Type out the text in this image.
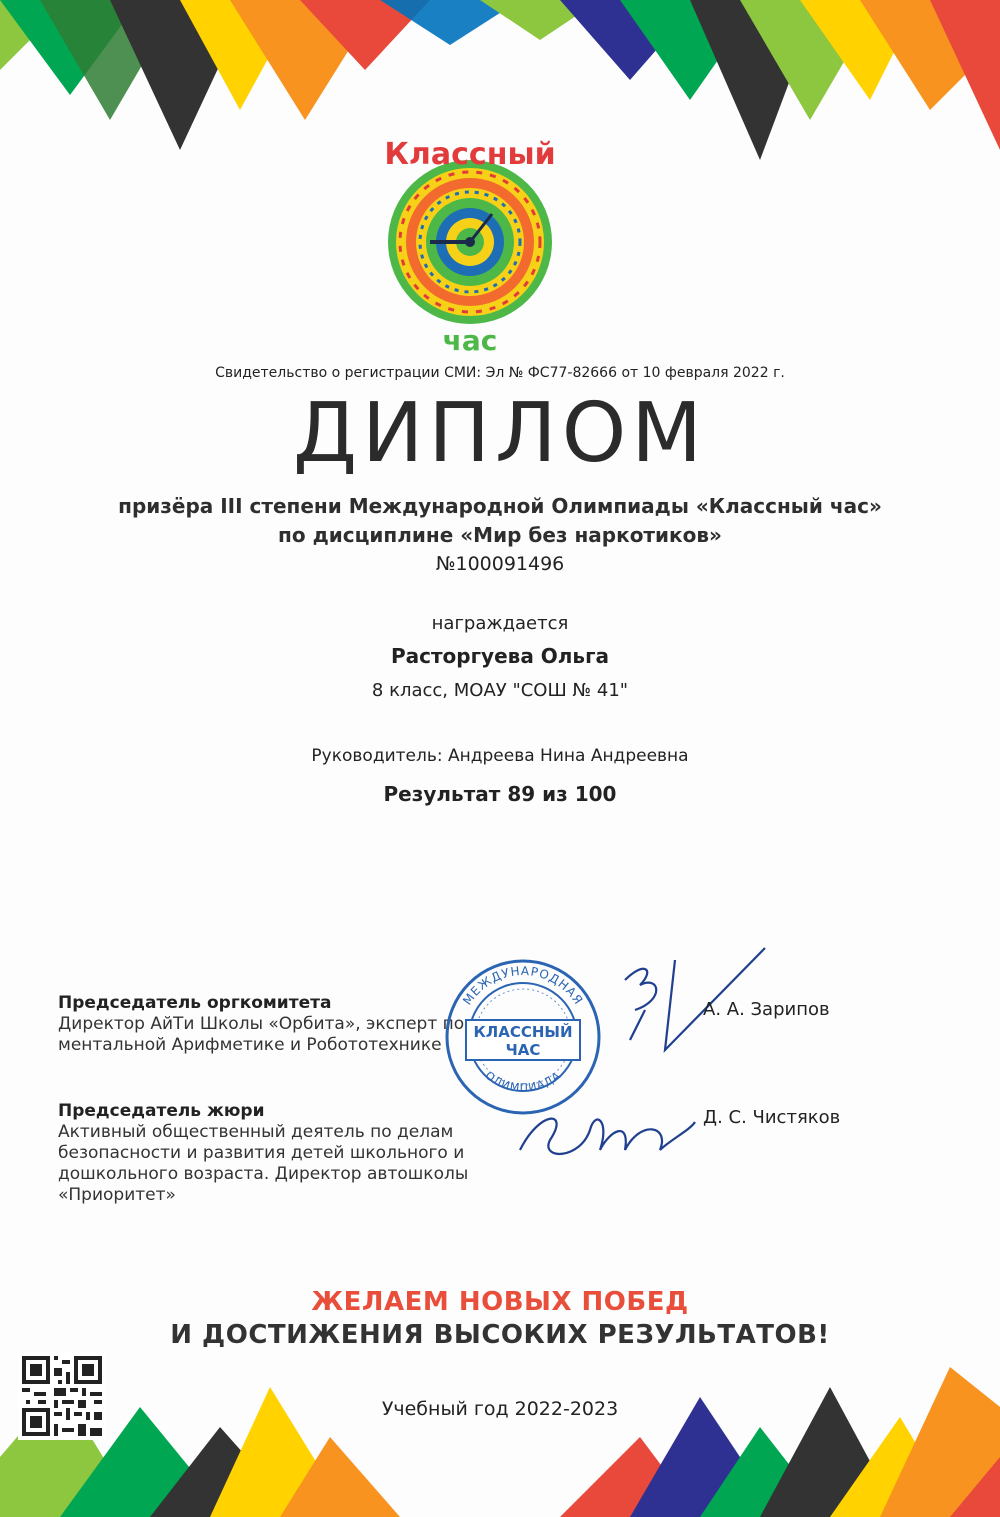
Классный
час
Свидетельство о регистрации СМИ: Эл № ФС77-82666 от 10 февраля 2022 г.
ДИПЛОМ
призёра III степени Международной Олимпиады «Классный час»
по дисциплине «Мир без наркотиков»
№100091496
награждается
Расторгуева Ольга
8 класс, МОАУ "СОШ № 41"
Руководитель: Андреева Нина Андреевна
Результат 89 из 100
Председатель оргкомитета
Директор АйТи Школы «Орбита», эксперт по ментальной Арифметике и Робототехнике
Председатель жюри
Активный общественный деятель по делам безопасности и развития детей школьного и дошкольного возраста. Директор автошколы «Приоритет»
МЕЖДУНАРОДНАЯ
ОЛИМПИАДА
КЛАССНЫЙ
ЧАС
А. А. Зарипов
Д. С. Чистяков
ЖЕЛАЕМ НОВЫХ ПОБЕД
И ДОСТИЖЕНИЯ ВЫСОКИХ РЕЗУЛЬТАТОВ!
Учебный год 2022-2023
